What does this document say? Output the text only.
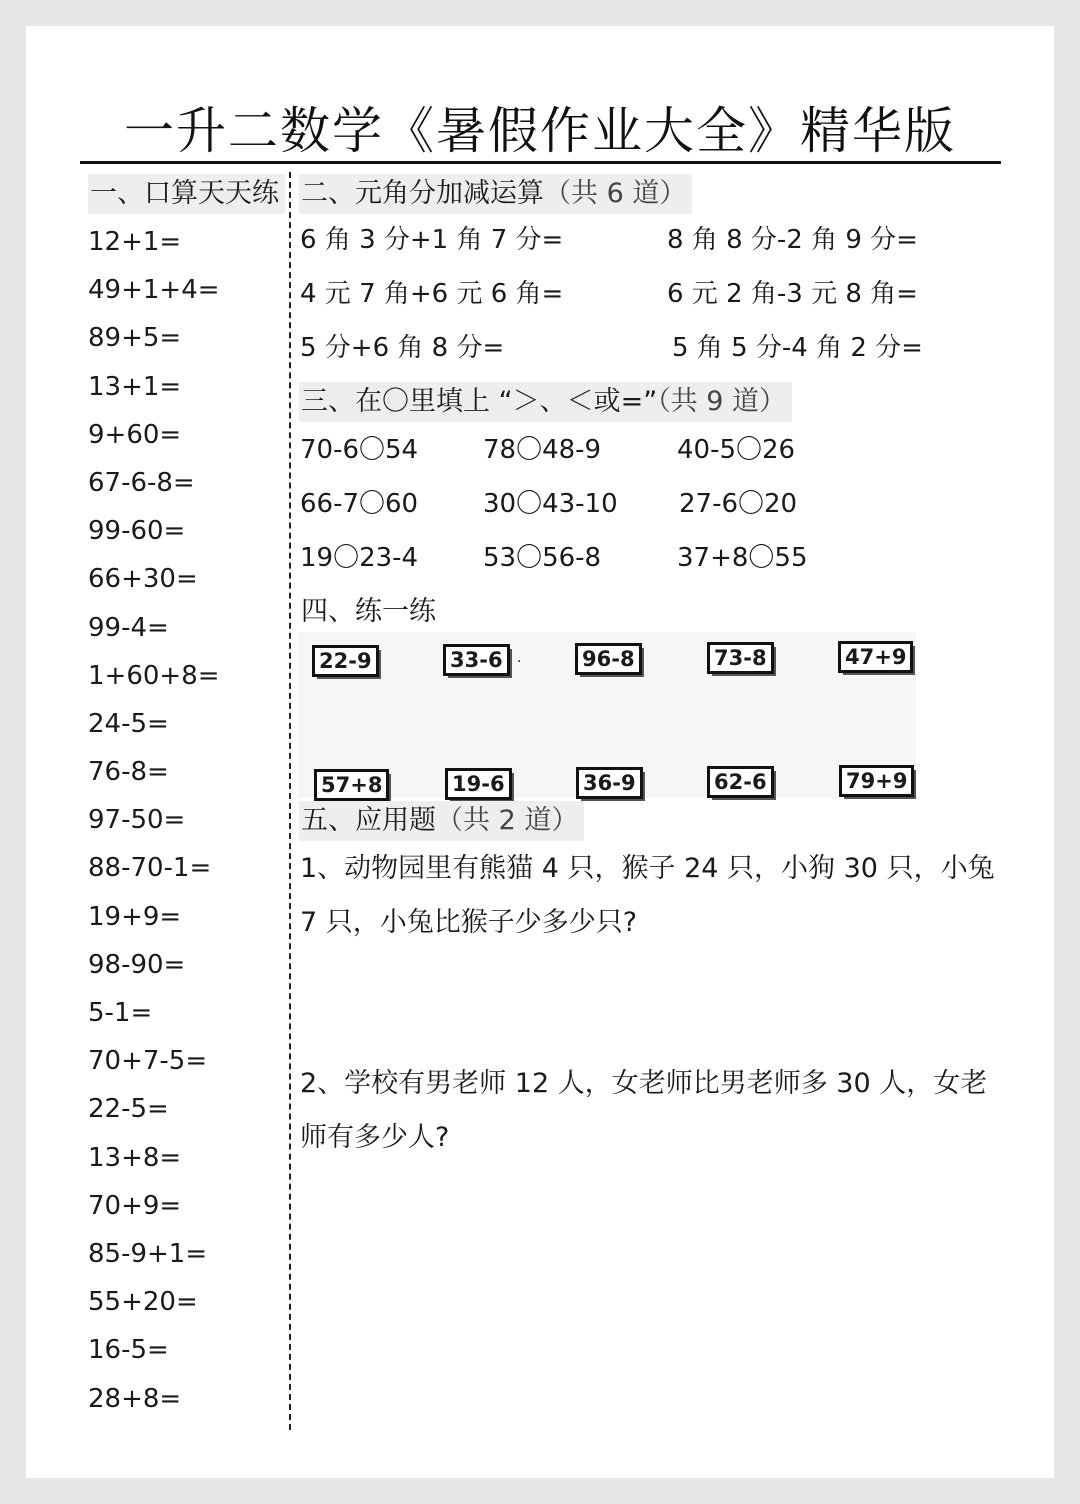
一升二数学《暑假作业大全》精华版
一、口算天天练
12+1=
49+1+4=
89+5=
13+1=
9+60=
67-6-8=
99-60=
66+30=
99-4=
1+60+8=
24-5=
76-8=
97-50=
88-70-1=
19+9=
98-90=
5-1=
70+7-5=
22-5=
13+8=
70+9=
85-9+1=
55+20=
16-5=
28+8=
二、元角分加减运算（共 6 道）
6 角 3 分+1 角 7 分=	8 角 8 分-2 角 9 分=
4 元 7 角+6 元 6 角=	6 元 2 角-3 元 8 角=
5 分+6 角 8 分=	5 角 5 分-4 角 2 分=
三、在〇里填上 “＞、＜或=”（共 9 道）
70-6〇54 78〇48-9	40-5〇26
66-7〇60 30〇43-10 27-6〇20
19〇23-4 53〇56-8	37+8〇55
四、练一练
22-9	33-6	·	96-8	73-8	47+9
57+8	19-6	36-9	62-6	79+9
五、应用题（共 2 道）
1、动物园里有熊猫 4 只，猴子 24 只，小狗 30 只，小兔 7 只，小兔比猴子少多少只?
2、学校有男老师 12 人，女老师比男老师多 30 人，女老师有多少人?
